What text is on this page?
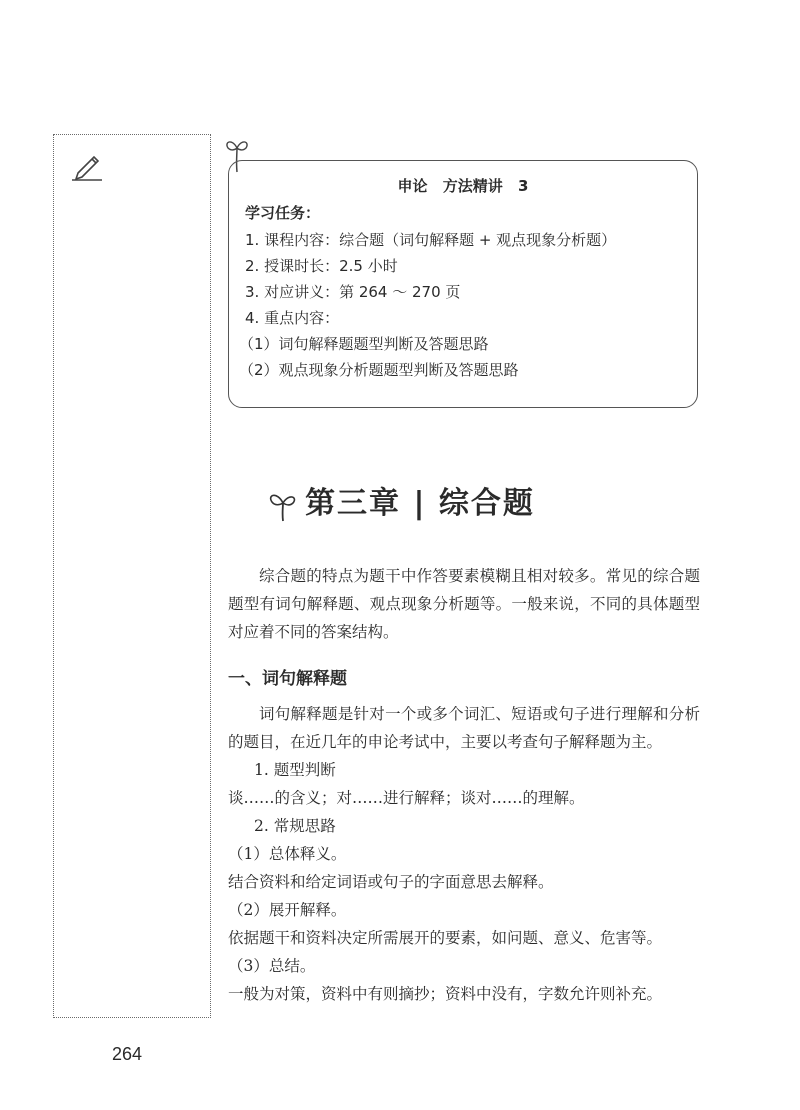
申论 方法精讲 3
学习任务：
1. 课程内容：综合题（词句解释题 + 观点现象分析题）
2. 授课时长：2.5 小时
3. 对应讲义：第 264 ～ 270 页
4. 重点内容：
（1）词句解释题题型判断及答题思路
（2）观点现象分析题题型判断及答题思路
第三章 | 综合题

综合题的特点为题干中作答要素模糊且相对较多。常见的综合题题型有词句解释题、观点现象分析题等。一般来说，不同的具体题型对应着不同的答案结构。

一、词句解释题

词句解释题是针对一个或多个词汇、短语或句子进行理解和分析的题目，在近几年的申论考试中，主要以考查句子解释题为主。

1. 题型判断

谈……的含义；对……进行解释；谈对……的理解。

2. 常规思路

（1）总体释义。

结合资料和给定词语或句子的字面意思去解释。

（2）展开解释。

依据题干和资料决定所需展开的要素，如问题、意义、危害等。

（3）总结。

一般为对策，资料中有则摘抄；资料中没有，字数允许则补充。

264
